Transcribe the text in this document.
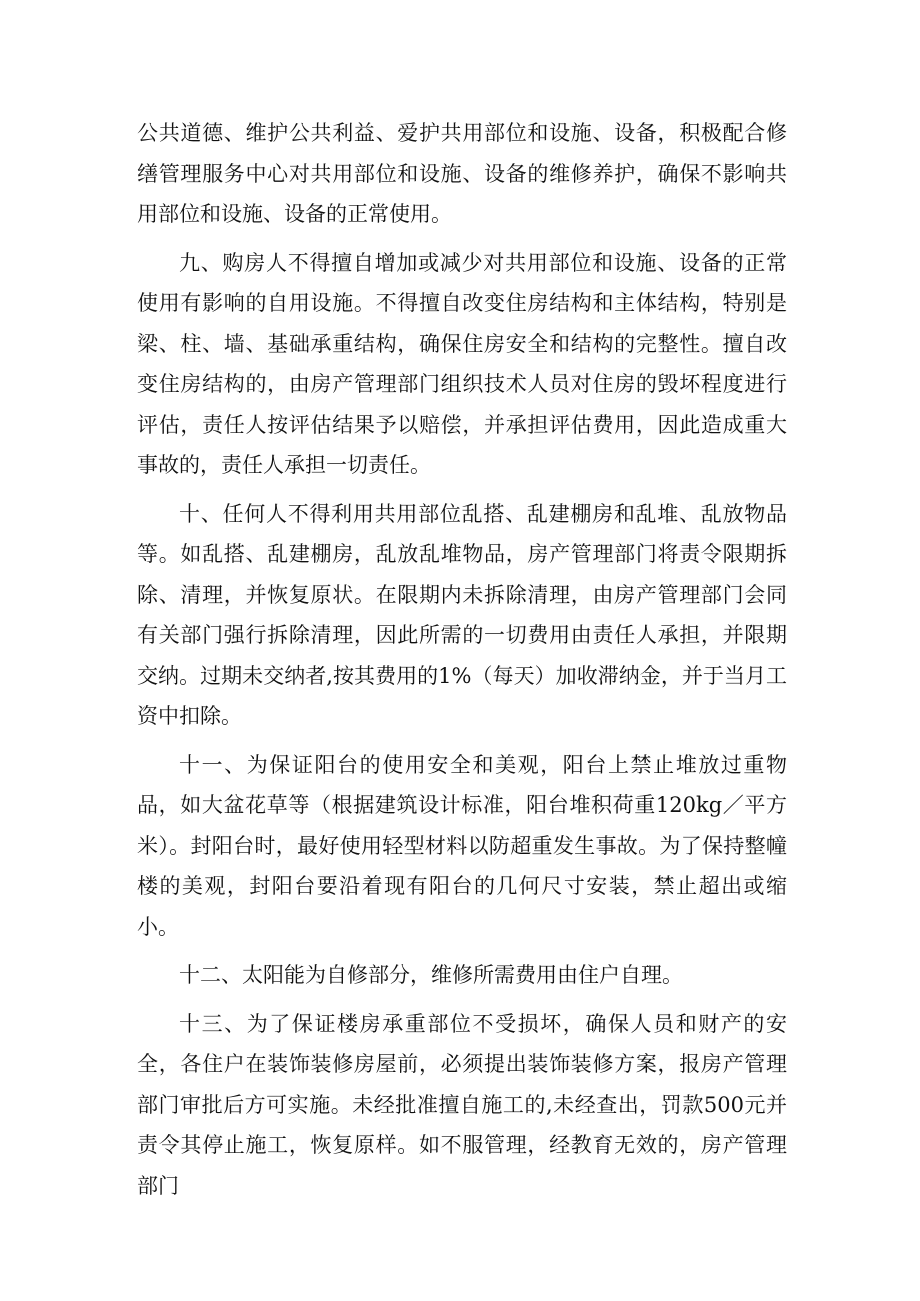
公共道德、维护公共利益、爱护共用部位和设施、设备，积极配合修缮管理服务中心对共用部位和设施、设备的维修养护，确保不影响共用部位和设施、设备的正常使用。

九、购房人不得擅自增加或减少对共用部位和设施、设备的正常使用有影响的自用设施。不得擅自改变住房结构和主体结构，特别是梁、柱、墙、基础承重结构，确保住房安全和结构的完整性。擅自改变住房结构的，由房产管理部门组织技术人员对住房的毁坏程度进行评估，责任人按评估结果予以赔偿，并承担评估费用，因此造成重大事故的，责任人承担一切责任。

十、任何人不得利用共用部位乱搭、乱建棚房和乱堆、乱放物品等。如乱搭、乱建棚房，乱放乱堆物品，房产管理部门将责令限期拆除、清理，并恢复原状。在限期内未拆除清理，由房产管理部门会同有关部门强行拆除清理，因此所需的一切费用由责任人承担，并限期交纳。过期未交纳者,按其费用的1%（每天）加收滞纳金，并于当月工资中扣除。

十一、为保证阳台的使用安全和美观，阳台上禁止堆放过重物品，如大盆花草等（根据建筑设计标准，阳台堆积荷重120kg／平方米）。封阳台时，最好使用轻型材料以防超重发生事故。为了保持整幢楼的美观，封阳台要沿着现有阳台的几何尺寸安装，禁止超出或缩小。

十二、太阳能为自修部分，维修所需费用由住户自理。

十三、为了保证楼房承重部位不受损坏，确保人员和财产的安全，各住户在装饰装修房屋前，必须提出装饰装修方案，报房产管理部门审批后方可实施。未经批准擅自施工的,未经查出，罚款500元并责令其停止施工，恢复原样。如不服管理，经教育无效的，房产管理部门
